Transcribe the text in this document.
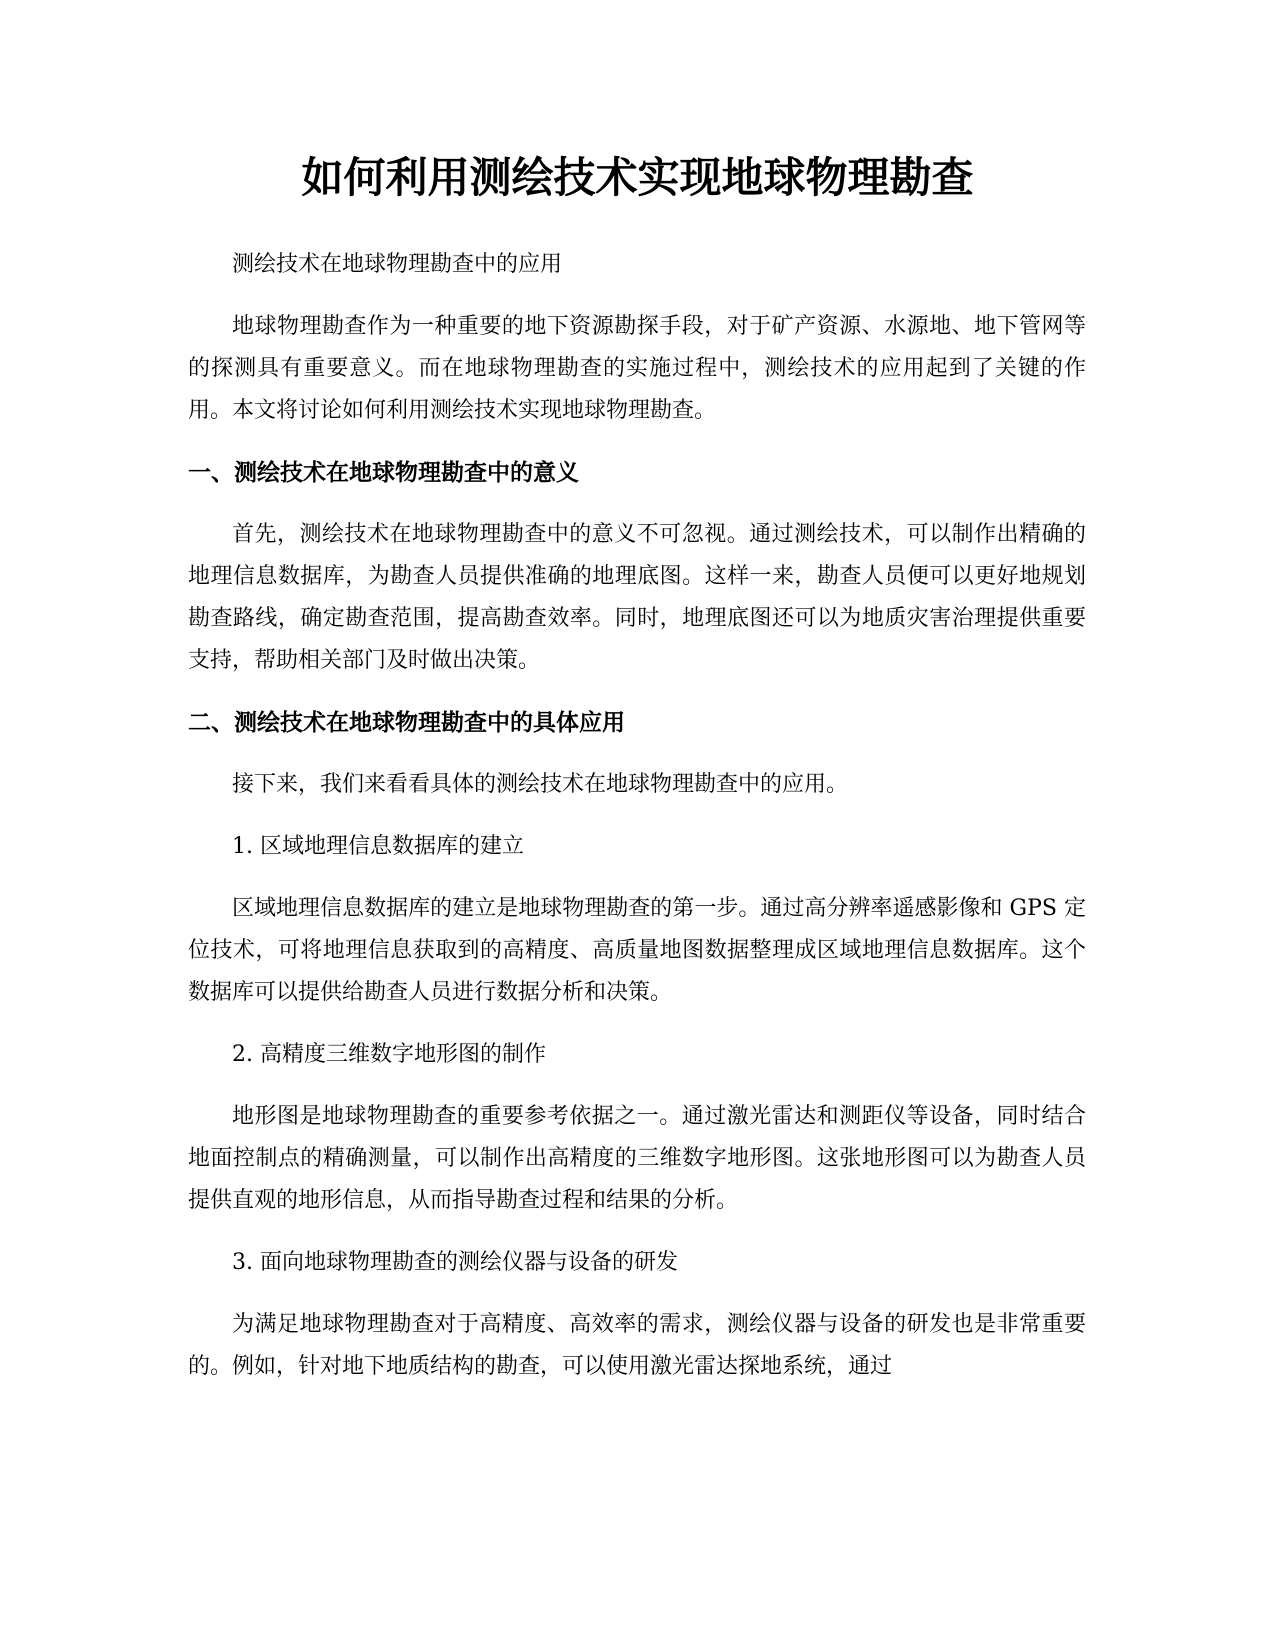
如何利用测绘技术实现地球物理勘查

测绘技术在地球物理勘查中的应用

地球物理勘查作为一种重要的地下资源勘探手段，对于矿产资源、水源地、地下管网等的探测具有重要意义。而在地球物理勘查的实施过程中，测绘技术的应用起到了关键的作用。本文将讨论如何利用测绘技术实现地球物理勘查。

一、测绘技术在地球物理勘查中的意义

首先，测绘技术在地球物理勘查中的意义不可忽视。通过测绘技术，可以制作出精确的地理信息数据库，为勘查人员提供准确的地理底图。这样一来，勘查人员便可以更好地规划勘查路线，确定勘查范围，提高勘查效率。同时，地理底图还可以为地质灾害治理提供重要支持，帮助相关部门及时做出决策。

二、测绘技术在地球物理勘查中的具体应用

接下来，我们来看看具体的测绘技术在地球物理勘查中的应用。

1. 区域地理信息数据库的建立

区域地理信息数据库的建立是地球物理勘查的第一步。通过高分辨率遥感影像和 GPS 定位技术，可将地理信息获取到的高精度、高质量地图数据整理成区域地理信息数据库。这个数据库可以提供给勘查人员进行数据分析和决策。

2. 高精度三维数字地形图的制作

地形图是地球物理勘查的重要参考依据之一。通过激光雷达和测距仪等设备，同时结合地面控制点的精确测量，可以制作出高精度的三维数字地形图。这张地形图可以为勘查人员提供直观的地形信息，从而指导勘查过程和结果的分析。

3. 面向地球物理勘查的测绘仪器与设备的研发

为满足地球物理勘查对于高精度、高效率的需求，测绘仪器与设备的研发也是非常重要的。例如，针对地下地质结构的勘查，可以使用激光雷达探地系统，通过
